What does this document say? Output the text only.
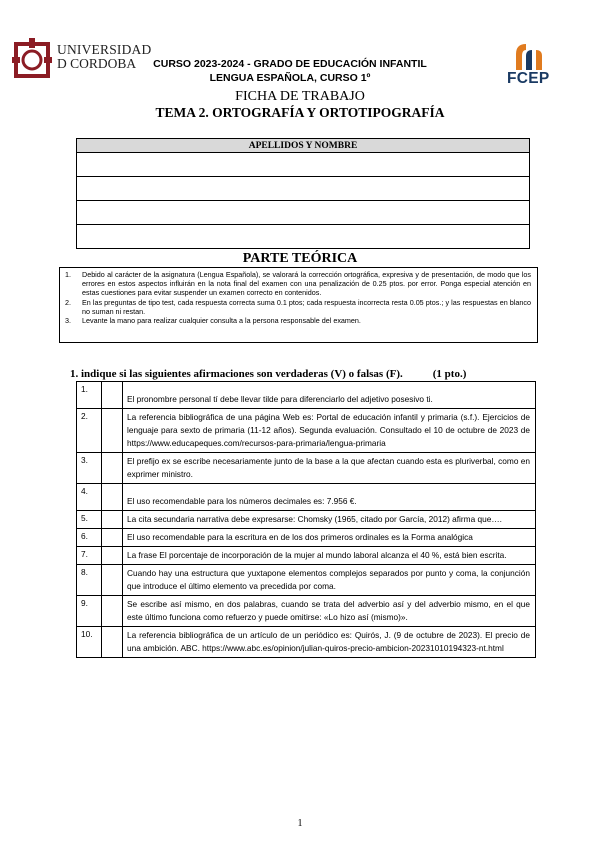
UNIVERSIDAD
D CORDOBA	CURSO 2023-2024 - GRADO DE EDUCACIÓN INFANTIL
LENGUA ESPAÑOLA, CURSO 1º
FICHA DE TRABAJO
TEMA 2. ORTOGRAFÍA Y ORTOTIPOGRAFÍA
FCEP
APELLIDOS Y NOMBRE

PARTE TEÓRICA
1.	Debido al carácter de la asignatura (Lengua Española), se valorará la corrección ortográfica, expresiva y de presentación, de modo que los errores en estos aspectos influirán en la nota final del examen con una penalización de 0.25 ptos. por error. Ponga especial atención en estas cuestiones para evitar suspender un examen correcto en contenidos.
2.	En las preguntas de tipo test, cada respuesta correcta suma 0.1 ptos; cada respuesta incorrecta resta 0.05 ptos.; y las respuestas en blanco no suman ni restan.
3.	Levante la mano para realizar cualquier consulta a la persona responsable del examen.
1. indique si las siguientes afirmaciones son verdaderas (V) o falsas (F).	(1 pto.)
1.		El pronombre personal tí debe llevar tilde para diferenciarlo del adjetivo posesivo ti.
2.		La referencia bibliográfica de una página Web es: Portal de educación infantil y primaria (s.f.). Ejercicios de lenguaje para sexto de primaria (11-12 años). Segunda evaluación. Consultado el 10 de octubre de 2023 de https://www.educapeques.com/recursos-para-primaria/lengua-primaria
3.		El prefijo ex se escribe necesariamente junto de la base a la que afectan cuando esta es pluriverbal, como en exprimer ministro.
4.		El uso recomendable para los números decimales es: 7.956 €.
5.		La cita secundaria narrativa debe expresarse: Chomsky (1965, citado por García, 2012) afirma que….
6.		El uso recomendable para la escritura en de los dos primeros ordinales es la Forma analógica
7.		La frase El porcentaje de incorporación de la mujer al mundo laboral alcanza el 40 %, está bien escrita.
8.		Cuando hay una estructura que yuxtapone elementos complejos separados por punto y coma, la conjunción que introduce el último elemento va precedida por coma.
9.		Se escribe así mismo, en dos palabras, cuando se trata del adverbio así y del adverbio mismo, en el que este último funciona como refuerzo y puede omitirse: «Lo hizo así (mismo)».
10.		La referencia bibliográfica de un artículo de un periódico es: Quirós, J. (9 de octubre de 2023). El precio de una ambición. ABC. https://www.abc.es/opinion/julian-quiros-precio-ambicion-20231010194323-nt.html
1
